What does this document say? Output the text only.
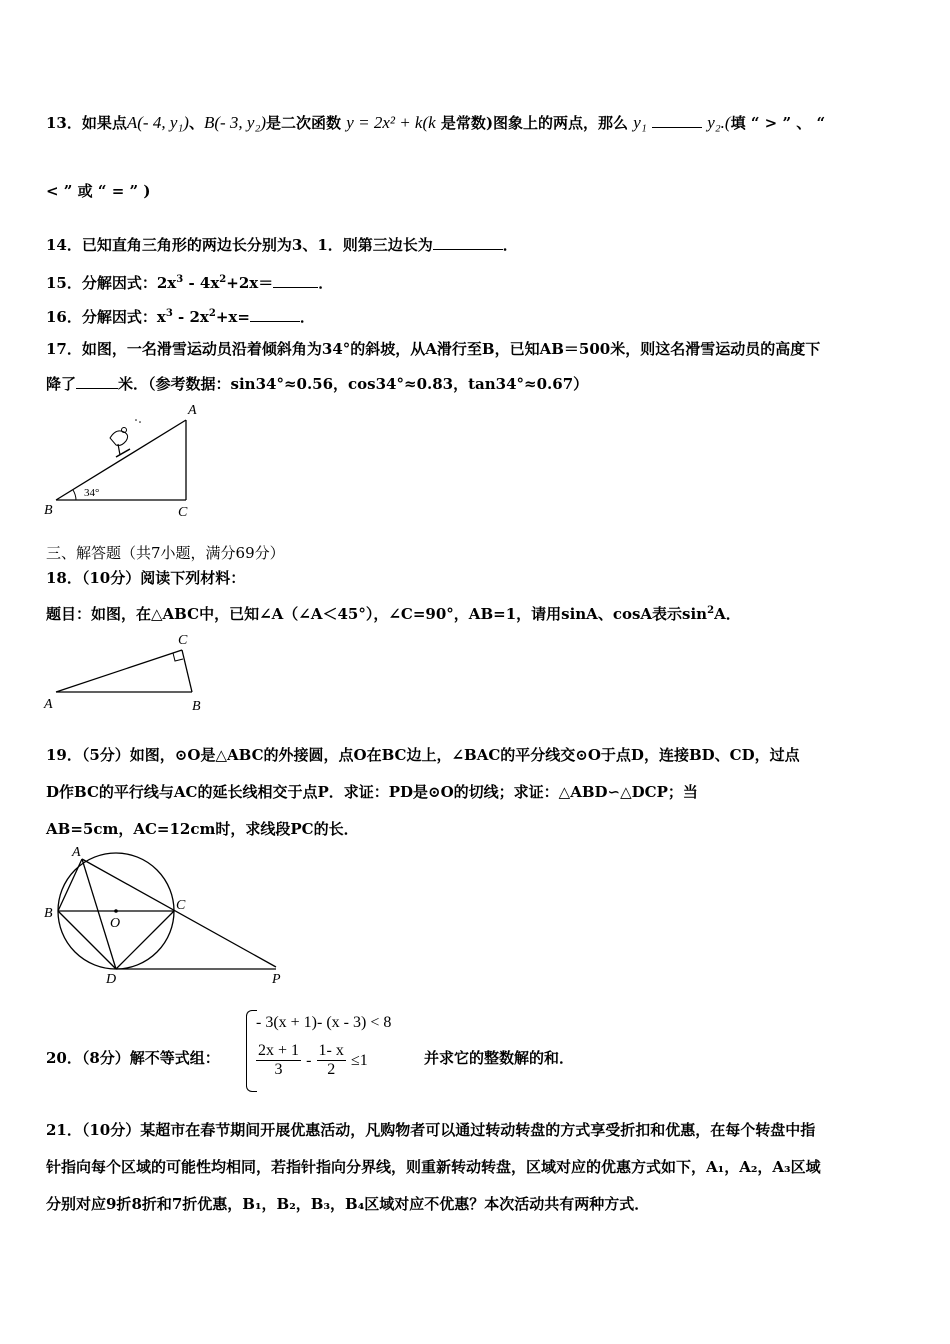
13．如果点A(- 4, y₁)、B(- 3, y₂)是二次函数 y = 2x² + k(k 是常数)图象上的两点，那么 y₁	y₂.(填 “ > ” 、 “
< ” 或 “ = ” )
14．已知直角三角形的两边长分别为3、1．则第三边长为	．
15．分解因式：$2x^3 - 4x^2+2x=$	．
16．分解因式：$x^3 - 2x^2+x=$	．
17．如图，一名滑雪运动员沿着倾斜角为34°的斜坡，从A滑行至B，已知AB＝500米，则这名滑雪运动员的高度下
降了	米．（参考数据：sin34°≈0.56，cos34°≈0.83，tan34°≈0.67）
A
B	C
34°
三、解答题（共7小题，满分69分）
18．（10分）阅读下列材料：
题目：如图，在△ABC中，已知∠A（∠A＜45°），∠C=90°，AB=1，请用sinA、cosA表示$\sin^2A$．
A	B
C
19．（5分）如图，⊙O是△ABC的外接圆，点O在BC边上，∠BAC的平分线交⊙O于点D，连接BD、CD，过点
D作BC的平行线与AC的延长线相交于点P．求证：PD是⊙O的切线；求证：△ABD∽△DCP；当
AB=5cm，AC=12cm时，求线段PC的长．
A
B
C
O
D	P
20．（8分）解不等式组：
- 3(x + 1)- (x - 3) < 8
$\frac{2x + 1}{3} - \frac{1- x}{2} \le 1$	并求它的整数解的和．
21．（10分）某超市在春节期间开展优惠活动，凡购物者可以通过转动转盘的方式享受折扣和优惠，在每个转盘中指
针指向每个区域的可能性均相同，若指针指向分界线，则重新转动转盘，区域对应的优惠方式如下，A₁，A₂，A₃区域
分别对应9折8折和7折优惠，B₁，B₂，B₃，B₄区域对应不优惠？本次活动共有两种方式．
